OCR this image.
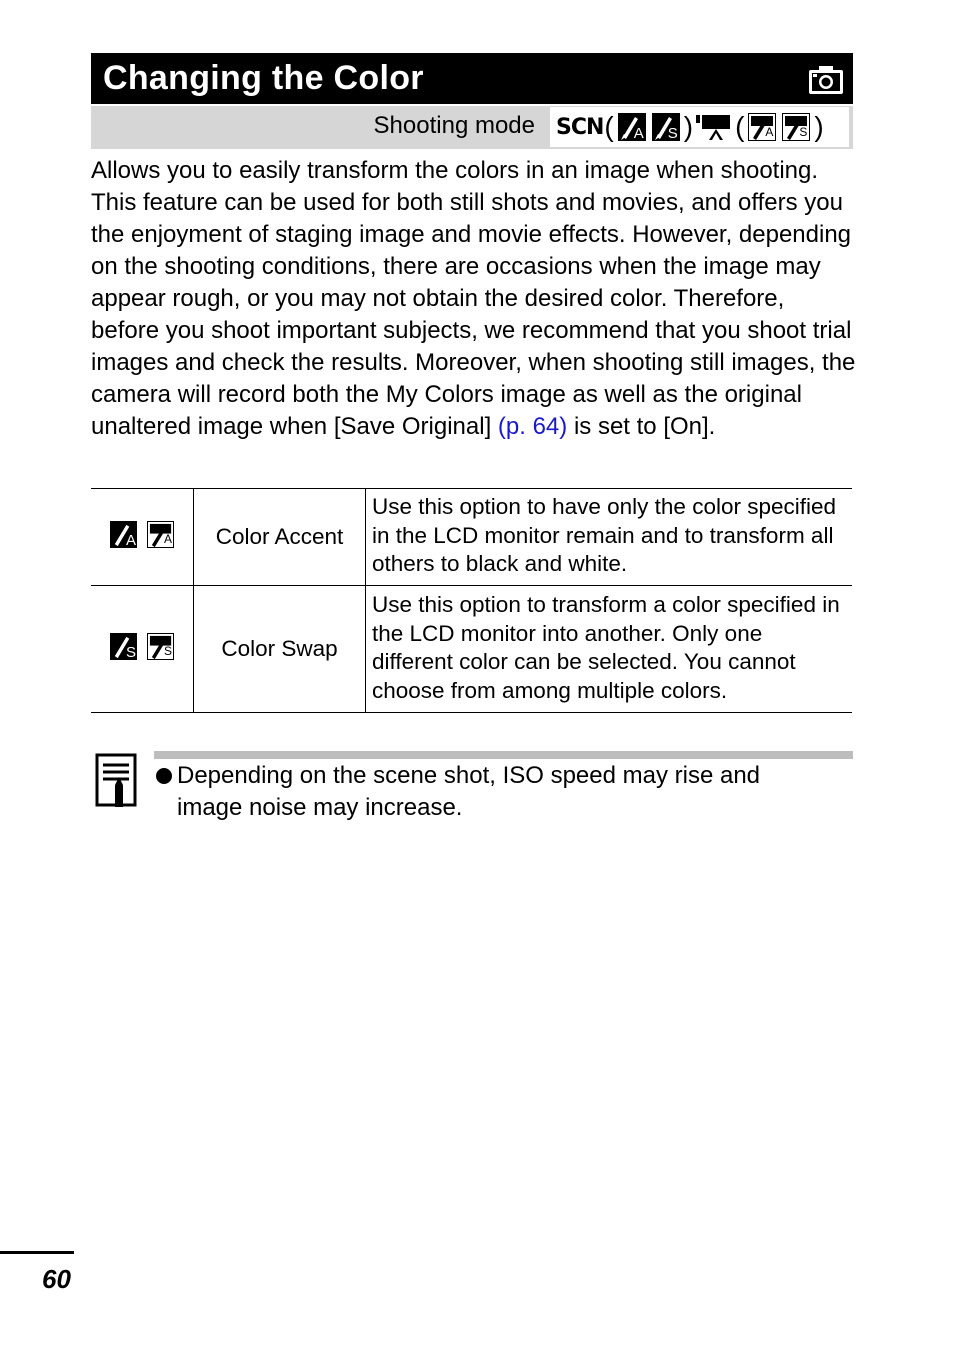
Changing the Color
Shooting mode SCN ( A S ) ( A S )
Allows you to easily transform the colors in an image when shooting. This feature can be used for both still shots and movies, and offers you the enjoyment of staging image and movie effects. However, depending on the shooting conditions, there are occasions when the image may appear rough, or you may not obtain the desired color. Therefore, before you shoot important subjects, we recommend that you shoot trial images and check the results. Moreover, when shooting still images, the camera will record both the My Colors image as well as the original unaltered image when [Save Original] (p. 64) is set to [On].
A A	Color Accent	Use this option to have only the color specified in the LCD monitor remain and to transform all others to black and white.

S S	Color Swap	Use this option to transform a color specified in the LCD monitor into another. Only one different color can be selected. You cannot choose from among multiple colors.
Depending on the scene shot, ISO speed may rise and
image noise may increase.
60
